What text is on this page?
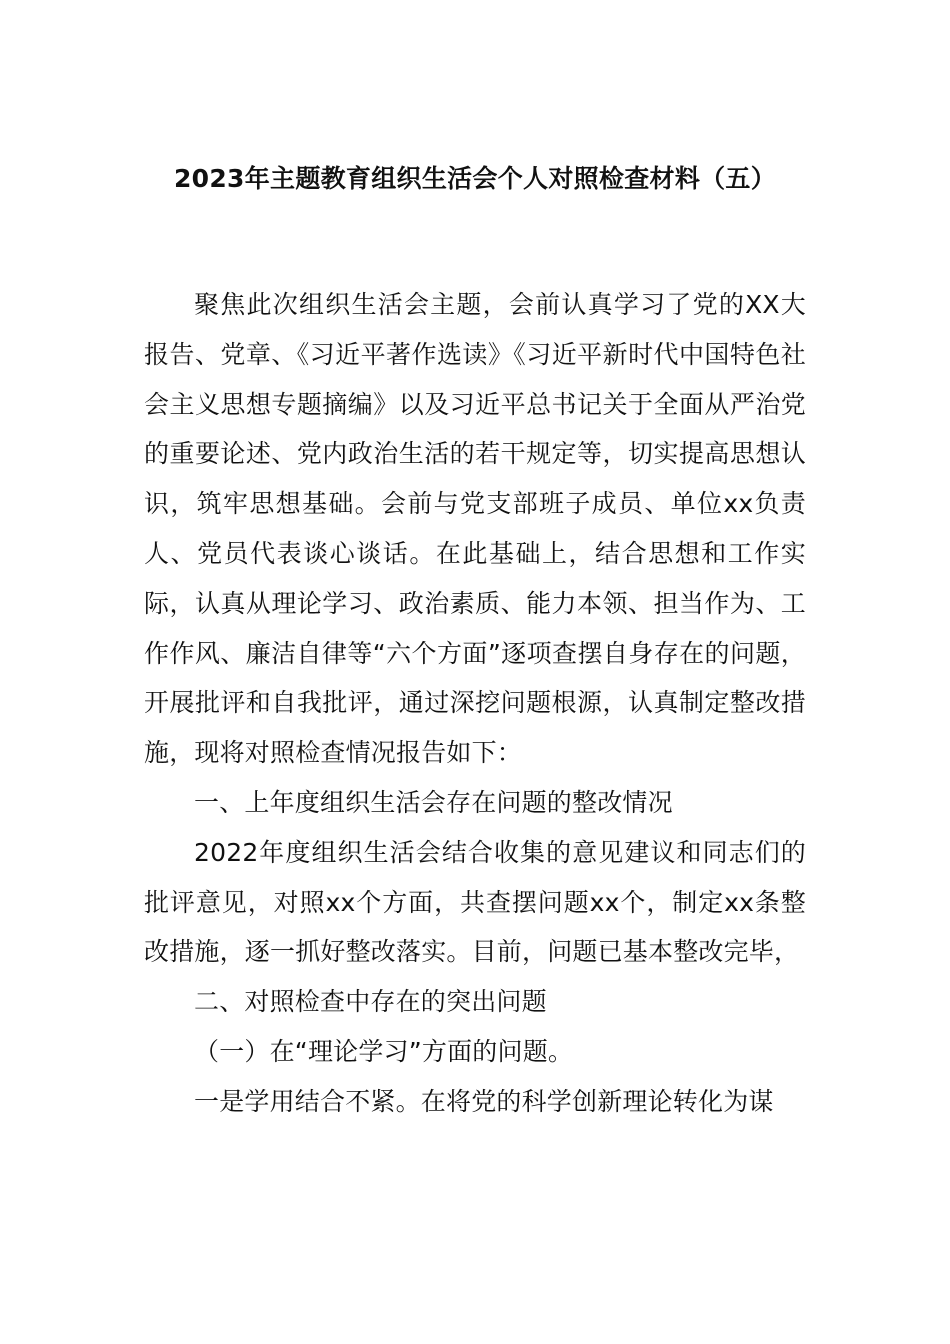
2023年主题教育组织生活会个人对照检查材料（五）

聚焦此次组织生活会主题，会前认真学习了党的XX大报告、党章、《习近平著作选读》《习近平新时代中国特色社会主义思想专题摘编》以及习近平总书记关于全面从严治党的重要论述、党内政治生活的若干规定等，切实提高思想认识，筑牢思想基础。会前与党支部班子成员、单位xx负责人、党员代表谈心谈话。在此基础上，结合思想和工作实际，认真从理论学习、政治素质、能力本领、担当作为、工作作风、廉洁自律等“六个方面”逐项查摆自身存在的问题，开展批评和自我批评，通过深挖问题根源，认真制定整改措施，现将对照检查情况报告如下：

一、上年度组织生活会存在问题的整改情况

2022年度组织生活会结合收集的意见建议和同志们的批评意见，对照xx个方面，共查摆问题xx个，制定xx条整改措施，逐一抓好整改落实。目前，问题已基本整改完毕，

二、对照检查中存在的突出问题

（一）在“理论学习”方面的问题。

一是学用结合不紧。在将党的科学创新理论转化为谋
